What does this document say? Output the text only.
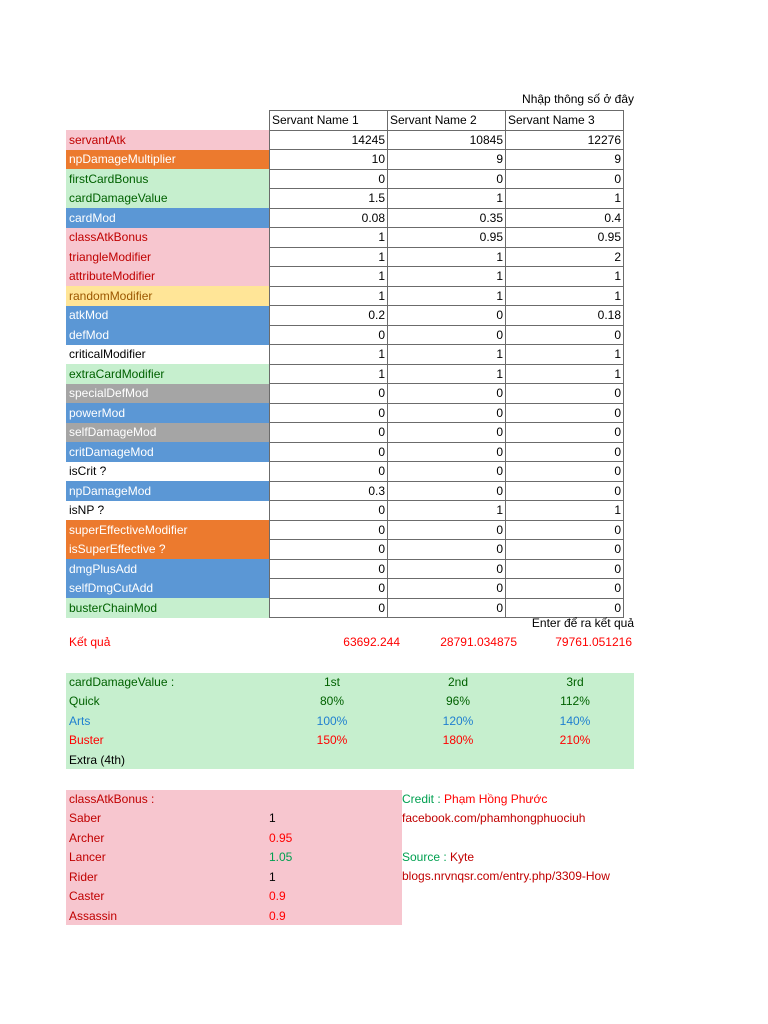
Nhập thông số ở đây
	Servant Name 1	Servant Name 2	Servant Name 3
servantAtk	14245	10845	12276
npDamageMultiplier	10	9	9
firstCardBonus	0	0	0
cardDamageValue	1.5	1	1
cardMod	0.08	0.35	0.4
classAtkBonus	1	0.95	0.95
triangleModifier	1	1	2
attributeModifier	1	1	1
randomModifier	1	1	1
atkMod	0.2	0	0.18
defMod	0	0	0
criticalModifier	1	1	1
extraCardModifier	1	1	1
specialDefMod	0	0	0
powerMod	0	0	0
selfDamageMod	0	0	0
critDamageMod	0	0	0
isCrit ?	0	0	0
npDamageMod	0.3	0	0
isNP ?	0	1	1
superEffectiveModifier	0	0	0
isSuperEffective ?	0	0	0
dmgPlusAdd	0	0	0
selfDmgCutAdd	0	0	0
busterChainMod	0	0	0
Enter để ra kết quả
Kết quả	63692.244	28791.034875	79761.051216
cardDamageValue :	1st	2nd	3rd
Quick	80%	96%	112%
Arts	100%	120%	140%
Buster	150%	180%	210%
Extra (4th)
classAtkBonus :
Saber	1
Archer	0.95
Lancer	1.05
Rider	1
Caster	0.9
Assassin	0.9
Credit : Phạm Hồng Phước
facebook.com/phamhongphuociuh
Source : Kyte
blogs.nrvnqsr.com/entry.php/3309-How
